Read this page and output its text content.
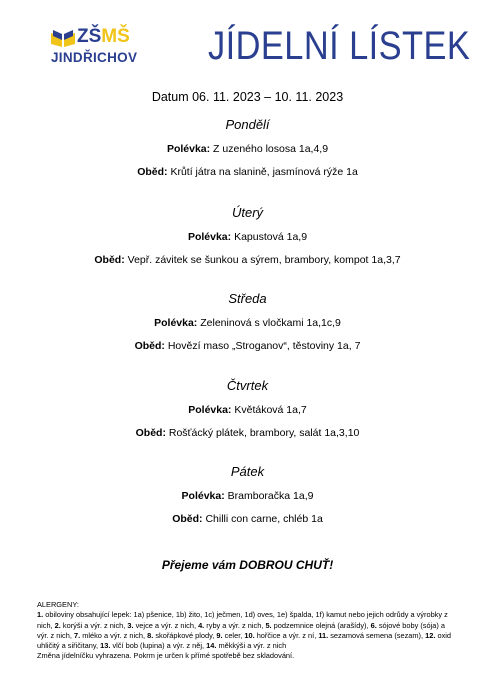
ZŠMŠ
JINDŘICHOV JÍDELNÍ LÍSTEK
Datum 06. 11. 2023 – 10. 11. 2023
Pondělí
Polévka: Z uzeného lososa 1a,4,9
Oběd: Krůtí játra na slanině, jasmínová rýže 1a
Úterý
Polévka: Kapustová 1a,9
Oběd: Vepř. závitek se šunkou a sýrem, brambory, kompot 1a,3,7
Středa
Polévka: Zeleninová s vločkami 1a,1c,9
Oběd: Hovězí maso „Stroganov“, těstoviny 1a, 7
Čtvrtek
Polévka: Květáková 1a,7
Oběd: Rošťácký plátek, brambory, salát 1a,3,10
Pátek
Polévka: Bramboračka 1a,9
Oběd: Chilli con carne, chléb 1a
Přejeme vám DOBROU CHUŤ!

ALERGENY:

1. obiloviny obsahující lepek: 1a) pšenice, 1b) žito, 1c) ječmen, 1d) oves, 1e) špalda, 1f) kamut nebo jejich odrůdy a výrobky z nich, 2. korýši a výr. z nich, 3. vejce a výr. z nich, 4. ryby a výr. z nich, 5. podzemnice olejná (arašídy), 6. sójové boby (sója) a výr. z nich, 7. mléko a výr. z nich, 8. skořápkové plody, 9. celer, 10. hořčice a výr. z ní, 11. sezamová semena (sezam), 12. oxid uhličitý a siřičitany, 13. vlčí bob (lupina) a výr. z něj, 14. měkkýši a výr. z nich

Změna jídelníčku vyhrazena. Pokrm je určen k přímé spotřebě bez skladování.
